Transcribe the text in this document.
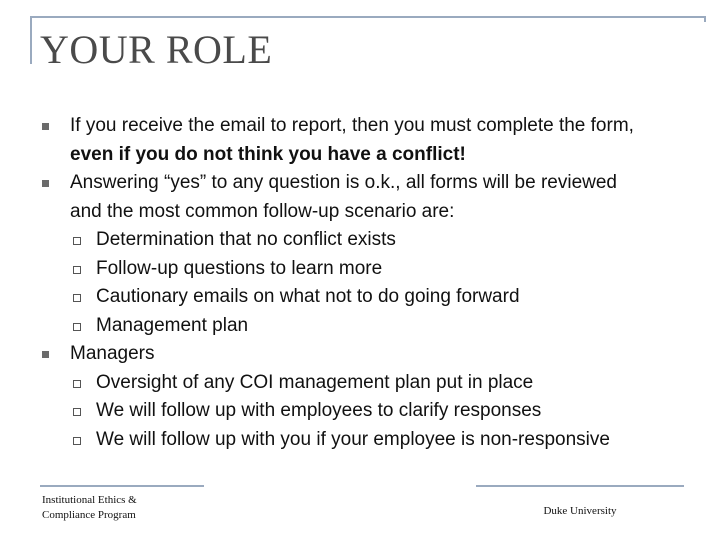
YOUR ROLE
If you receive the email to report, then you must complete the form,
even if you do not think you have a conflict!
Answering “yes” to any question is o.k., all forms will be reviewed
and the most common follow-up scenario are:
Determination that no conflict exists
Follow-up questions to learn more
Cautionary emails on what not to do going forward
Management plan
Managers
Oversight of any COI management plan put in place
We will follow up with employees to clarify responses
We will follow up with you if your employee is non-responsive
Institutional Ethics &
Compliance Program	Duke University
